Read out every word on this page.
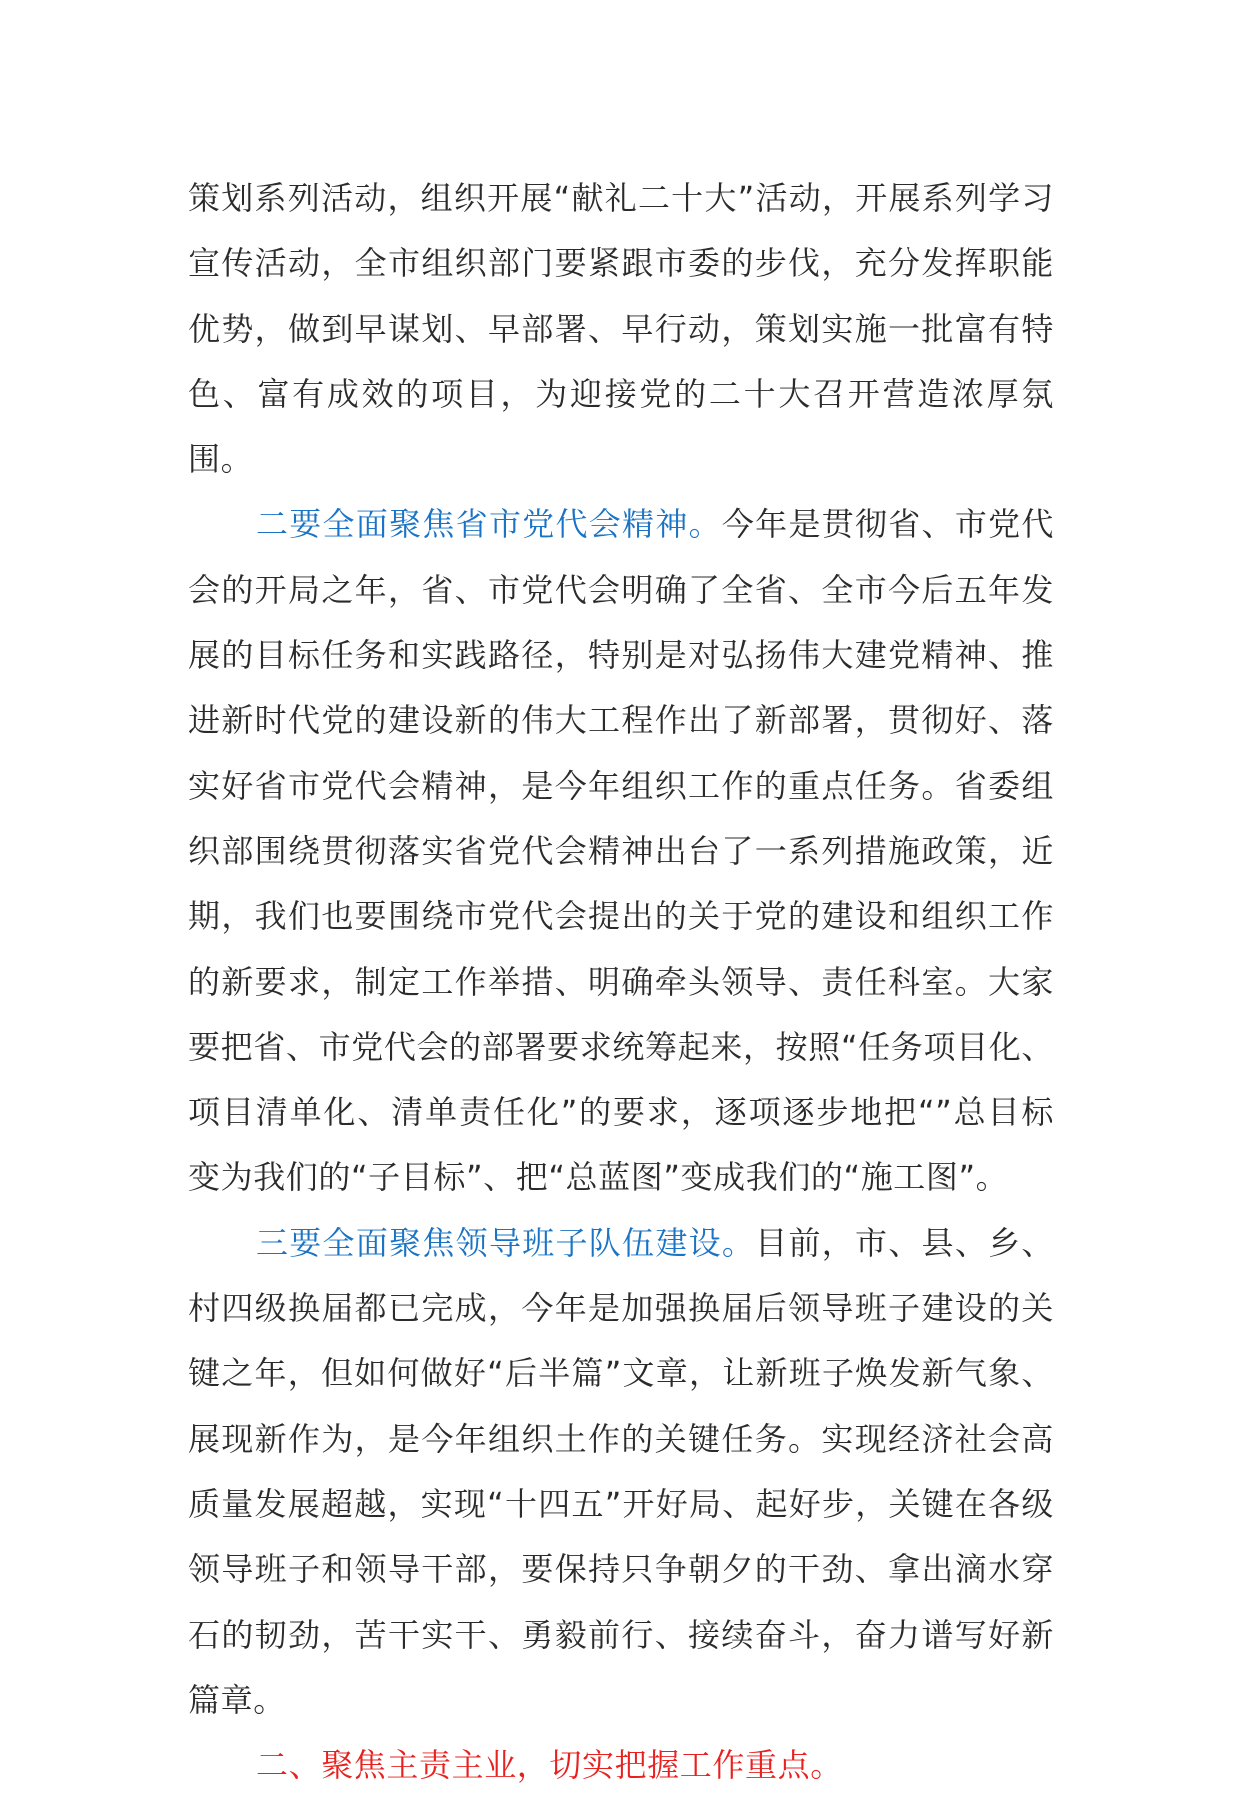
策划系列活动，组织开展“献礼二十大”活动，开展系列学习宣传活动，全市组织部门要紧跟市委的步伐，充分发挥职能优势，做到早谋划、早部署、早行动，策划实施一批富有特色、富有成效的项目，为迎接党的二十大召开营造浓厚氛围。

二要全面聚焦省市党代会精神。今年是贯彻省、市党代会的开局之年，省、市党代会明确了全省、全市今后五年发展的目标任务和实践路径，特别是对弘扬伟大建党精神、推进新时代党的建设新的伟大工程作出了新部署，贯彻好、落实好省市党代会精神，是今年组织工作的重点任务。省委组织部围绕贯彻落实省党代会精神出台了一系列措施政策，近期，我们也要围绕市党代会提出的关于党的建设和组织工作的新要求，制定工作举措、明确牵头领导、责任科室。大家要把省、市党代会的部署要求统筹起来，按照“任务项目化、项目清单化、清单责任化”的要求，逐项逐步地把“”总目标变为我们的“子目标”、把“总蓝图”变成我们的“施工图”。

三要全面聚焦领导班子队伍建设。目前，市、县、乡、村四级换届都已完成，今年是加强换届后领导班子建设的关键之年，但如何做好“后半篇”文章，让新班子焕发新气象、展现新作为，是今年组织土作的关键任务。实现经济社会高质量发展超越，实现“十四五”开好局、起好步，关键在各级领导班子和领导干部，要保持只争朝夕的干劲、拿出滴水穿石的韧劲，苦干实干、勇毅前行、接续奋斗，奋力谱写好新篇章。

二、聚焦主责主业，切实把握工作重点。
